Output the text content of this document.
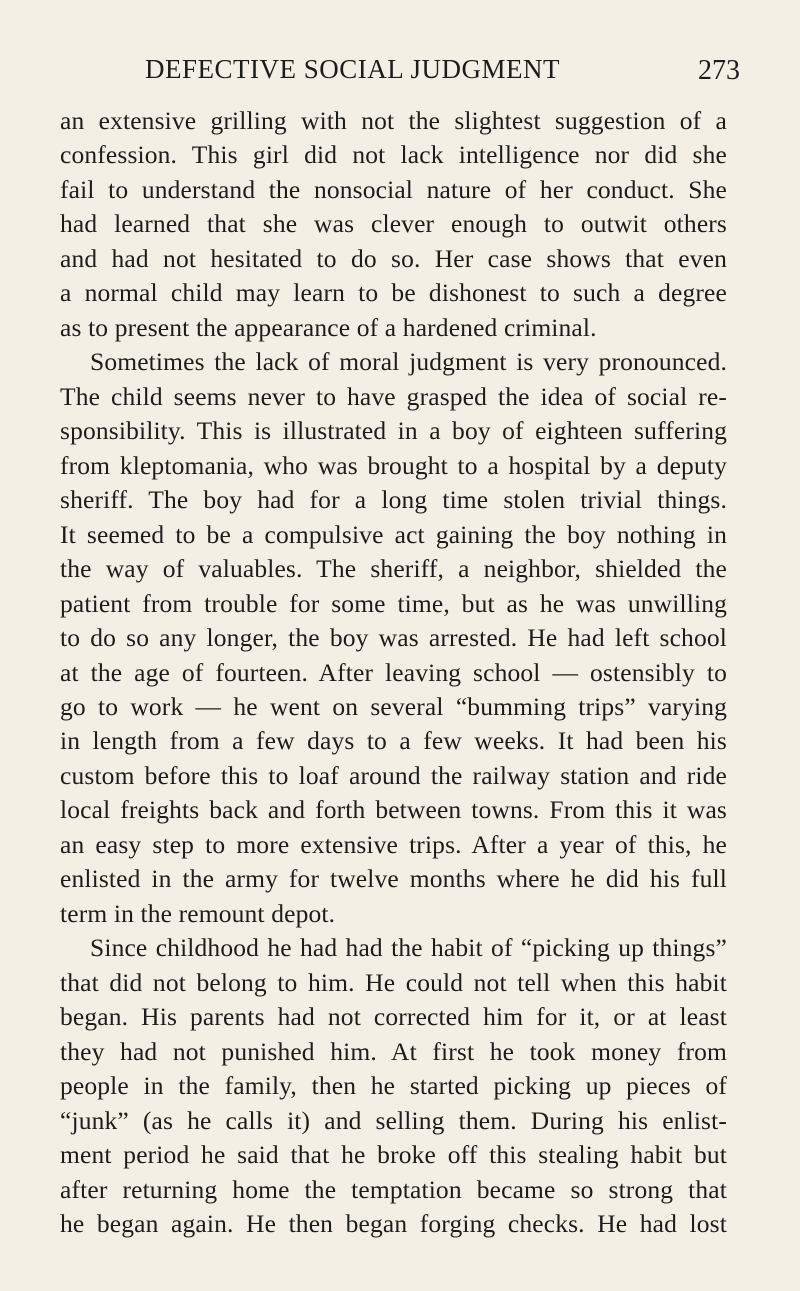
DEFECTIVE SOCIAL JUDGMENT	273
an extensive grilling with not the slightest suggestion of a
confession. This girl did not lack intelligence nor did she
fail to understand the nonsocial nature of her conduct. She
had learned that she was clever enough to outwit others
and had not hesitated to do so. Her case shows that even
a normal child may learn to be dishonest to such a degree
as to present the appearance of a hardened criminal.
Sometimes the lack of moral judgment is very pronounced.
The child seems never to have grasped the idea of social re-
sponsibility. This is illustrated in a boy of eighteen suffering
from kleptomania, who was brought to a hospital by a deputy
sheriff. The boy had for a long time stolen trivial things.
It seemed to be a compulsive act gaining the boy nothing in
the way of valuables. The sheriff, a neighbor, shielded the
patient from trouble for some time, but as he was unwilling
to do so any longer, the boy was arrested. He had left school
at the age of fourteen. After leaving school — ostensibly to
go to work — he went on several “bumming trips” varying
in length from a few days to a few weeks. It had been his
custom before this to loaf around the railway station and ride
local freights back and forth between towns. From this it was
an easy step to more extensive trips. After a year of this, he
enlisted in the army for twelve months where he did his full
term in the remount depot.
Since childhood he had had the habit of “picking up things”
that did not belong to him. He could not tell when this habit
began. His parents had not corrected him for it, or at least
they had not punished him. At first he took money from
people in the family, then he started picking up pieces of
“junk” (as he calls it) and selling them. During his enlist-
ment period he said that he broke off this stealing habit but
after returning home the temptation became so strong that
he began again. He then began forging checks. He had lost
